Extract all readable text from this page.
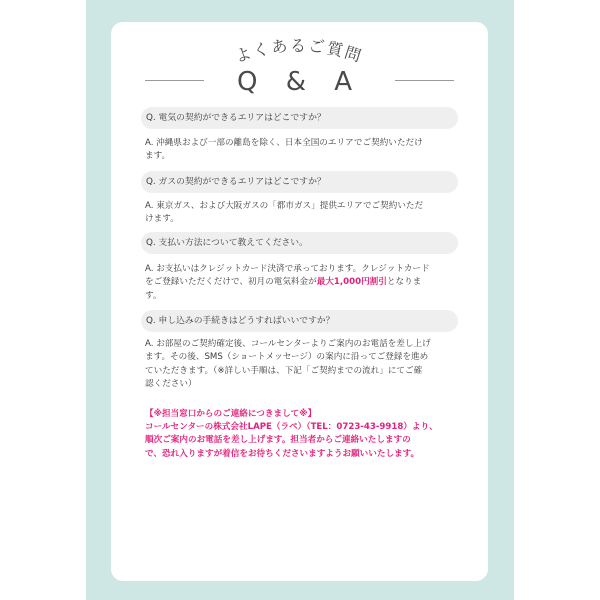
よくあるご質問
Q & A
Q. 電気の契約ができるエリアはどこですか？
A. 沖縄県および一部の離島を除く、日本全国のエリアでご契約いただけ
ます。
Q. ガスの契約ができるエリアはどこですか？
A. 東京ガス、および大阪ガスの「都市ガス」提供エリアでご契約いただ
けます。
Q. 支払い方法について教えてください。
A. お支払いはクレジットカード決済で承っております。クレジットカード
をご登録いただくだけで、初月の電気料金が最大1,000円割引となりま
す。
Q. 申し込みの手続きはどうすればいいですか？
A. お部屋のご契約確定後、コールセンターよりご案内のお電話を差し上げ
ます。その後、SMS（ショートメッセージ）の案内に沿ってご登録を進め
ていただきます。（※詳しい手順は、下記「ご契約までの流れ」にてご確
認ください）
【※担当窓口からのご連絡につきまして※】
コールセンターの株式会社LAPE（ラペ）（TEL：0723-43-9918）より、
順次ご案内のお電話を差し上げます。担当者からご連絡いたしますの
で、恐れ入りますが着信をお待ちくださいますようお願いいたします。
